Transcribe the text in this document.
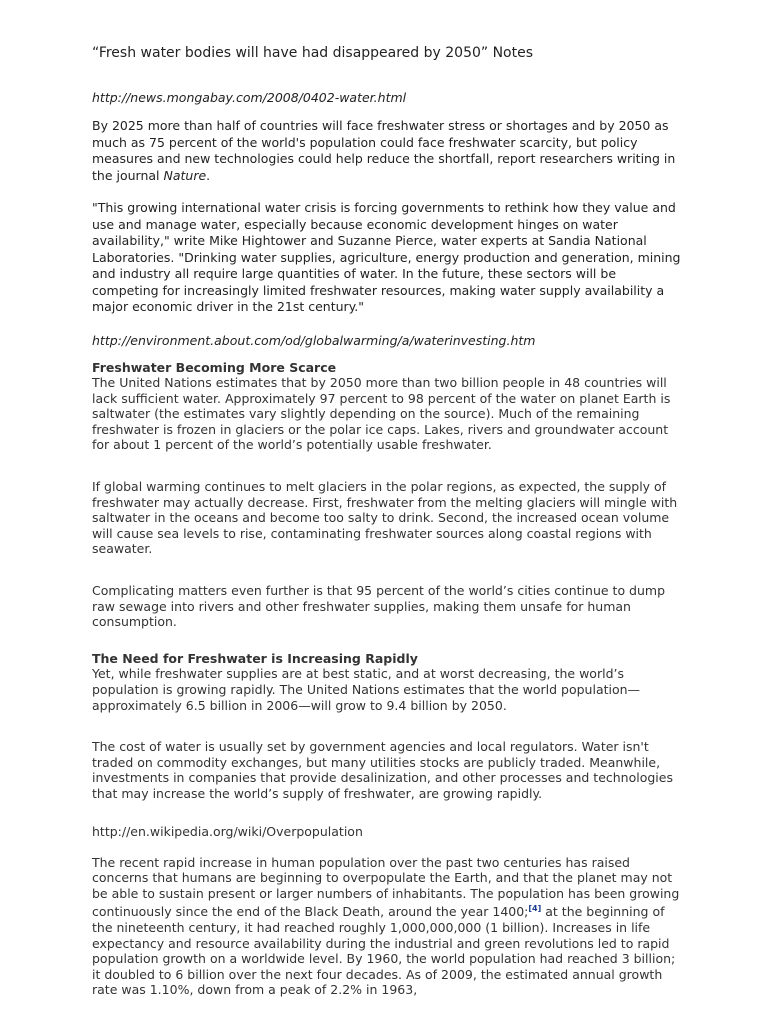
“Fresh water bodies will have had disappeared by 2050” Notes
http://news.mongabay.com/2008/0402-water.html

By 2025 more than half of countries will face freshwater stress or shortages and by 2050 as much as 75 percent of the world's population could face freshwater scarcity, but policy measures and new technologies could help reduce the shortfall, report researchers writing in the journal Nature.

"This growing international water crisis is forcing governments to rethink how they value and use and manage water, especially because economic development hinges on water availability," write Mike Hightower and Suzanne Pierce, water experts at Sandia National Laboratories. "Drinking water supplies, agriculture, energy production and generation, mining and industry all require large quantities of water. In the future, these sectors will be competing for increasingly limited freshwater resources, making water supply availability a major economic driver in the 21st century."

http://environment.about.com/od/globalwarming/a/waterinvesting.htm
Freshwater Becoming More Scarce

The United Nations estimates that by 2050 more than two billion people in 48 countries will lack sufficient water. Approximately 97 percent to 98 percent of the water on planet Earth is saltwater (the estimates vary slightly depending on the source). Much of the remaining freshwater is frozen in glaciers or the polar ice caps. Lakes, rivers and groundwater account for about 1 percent of the world’s potentially usable freshwater.

If global warming continues to melt glaciers in the polar regions, as expected, the supply of freshwater may actually decrease. First, freshwater from the melting glaciers will mingle with saltwater in the oceans and become too salty to drink. Second, the increased ocean volume will cause sea levels to rise, contaminating freshwater sources along coastal regions with seawater.

Complicating matters even further is that 95 percent of the world’s cities continue to dump raw sewage into rivers and other freshwater supplies, making them unsafe for human consumption.

The Need for Freshwater is Increasing Rapidly

Yet, while freshwater supplies are at best static, and at worst decreasing, the world’s population is growing rapidly. The United Nations estimates that the world population—approximately 6.5 billion in 2006—will grow to 9.4 billion by 2050.

The cost of water is usually set by government agencies and local regulators. Water isn't traded on commodity exchanges, but many utilities stocks are publicly traded. Meanwhile, investments in companies that provide desalinization, and other processes and technologies that may increase the world’s supply of freshwater, are growing rapidly.

http://en.wikipedia.org/wiki/Overpopulation

The recent rapid increase in human population over the past two centuries has raised concerns that humans are beginning to overpopulate the Earth, and that the planet may not be able to sustain present or larger numbers of inhabitants. The population has been growing continuously since the end of the Black Death, around the year 1400;[4] at the beginning of the nineteenth century, it had reached roughly 1,000,000,000 (1 billion). Increases in life expectancy and resource availability during the industrial and green revolutions led to rapid population growth on a worldwide level. By 1960, the world population had reached 3 billion; it doubled to 6 billion over the next four decades. As of 2009, the estimated annual growth rate was 1.10%, down from a peak of 2.2% in 1963,
